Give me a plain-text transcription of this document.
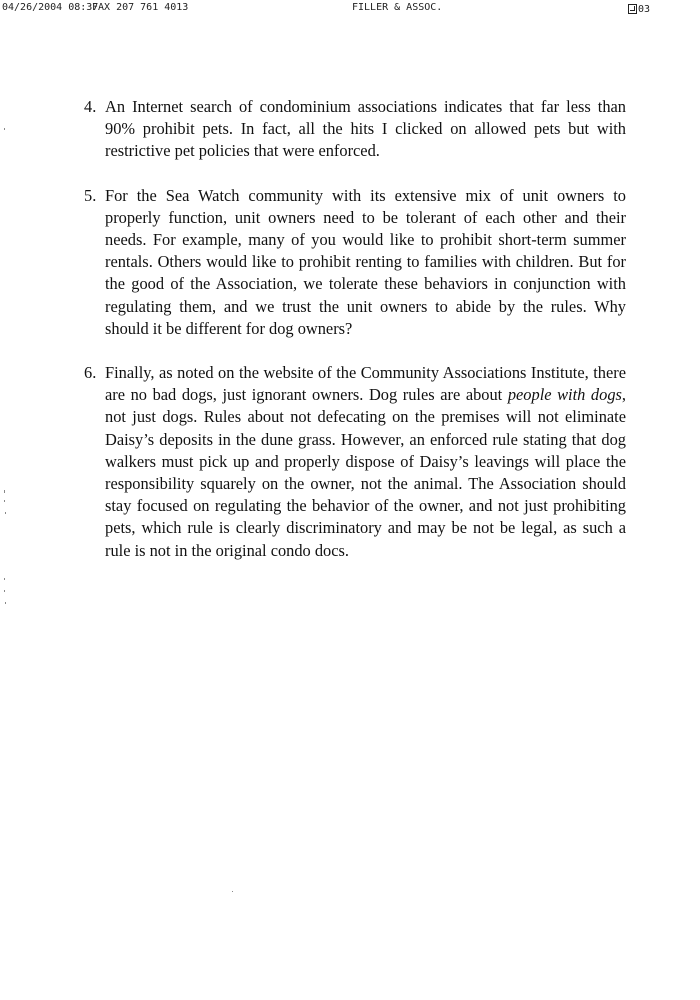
04/26/2004 08:37
FAX 207 761 4013	FILLER & ASSOC.	03
4. An Internet search of condominium associations indicates that far less than 90% prohibit pets. In fact, all the hits I clicked on allowed pets but with restrictive pet policies that were enforced.
5. For the Sea Watch community with its extensive mix of unit owners to properly function, unit owners need to be tolerant of each other and their needs. For example, many of you would like to prohibit short-term summer rentals. Others would like to prohibit renting to families with children. But for the good of the Association, we tolerate these behaviors in conjunction with regulating them, and we trust the unit owners to abide by the rules. Why should it be different for dog owners?
6. Finally, as noted on the website of the Community Associations Institute, there are no bad dogs, just ignorant owners. Dog rules are about people with dogs, not just dogs. Rules about not defecating on the premises will not eliminate Daisy’s deposits in the dune grass. However, an enforced rule stating that dog walkers must pick up and properly dispose of Daisy’s leavings will place the responsibility squarely on the owner, not the animal. The Association should stay focused on regulating the behavior of the owner, and not just prohibiting pets, which rule is clearly discriminatory and may be not be legal, as such a rule is not in the original condo docs.
